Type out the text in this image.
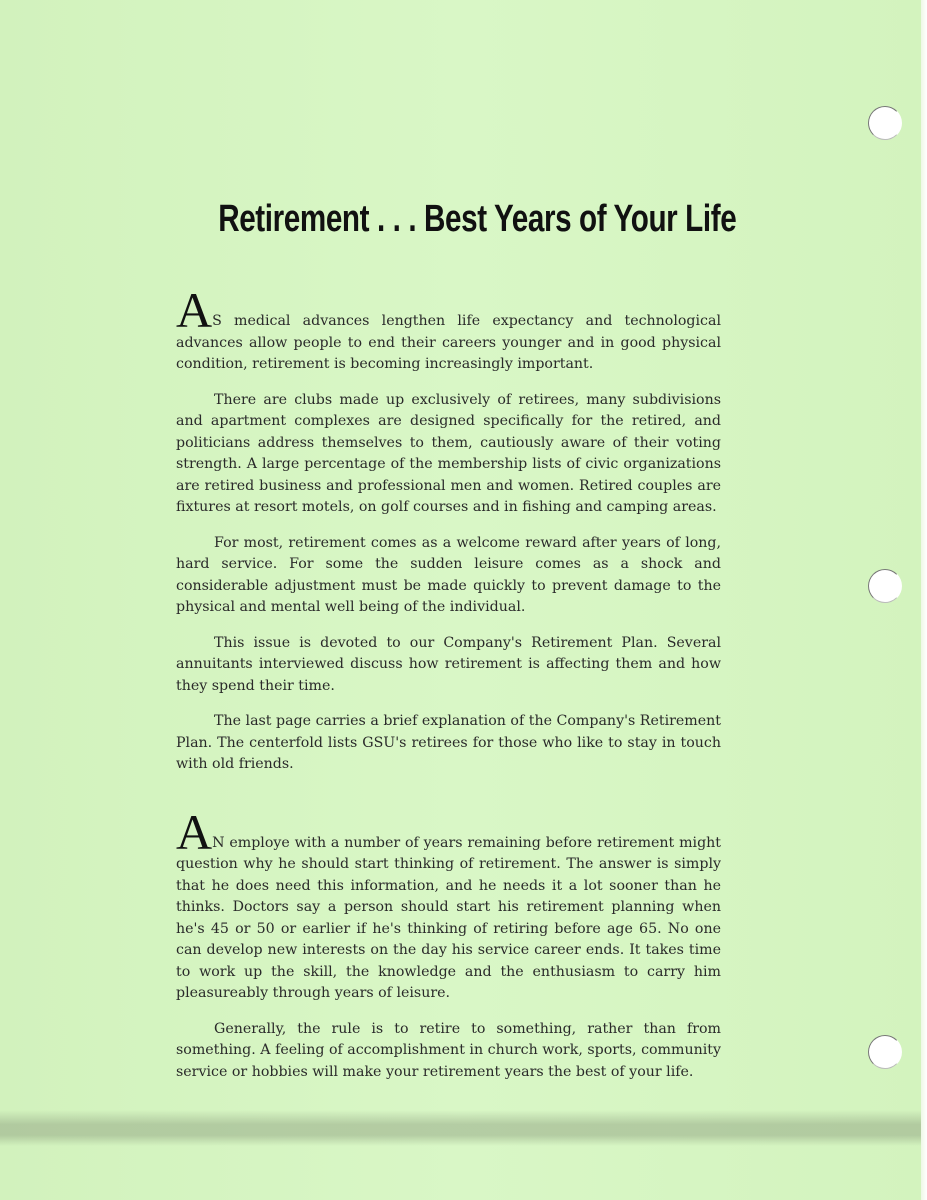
Retirement . . . Best Years of Your Life

AS medical advances lengthen life expectancy and technological advances allow people to end their careers younger and in good physical condition, retirement is becoming increasingly important.

There are clubs made up exclusively of retirees, many subdivisions and apartment complexes are designed specifically for the retired, and politicians address themselves to them, cautiously aware of their voting strength. A large percentage of the membership lists of civic organizations are retired business and professional men and women. Retired couples are fixtures at resort motels, on golf courses and in fishing and camping areas.

For most, retirement comes as a welcome reward after years of long, hard service. For some the sudden leisure comes as a shock and considerable adjustment must be made quickly to prevent damage to the physical and mental well being of the individual.

This issue is devoted to our Company's Retirement Plan. Several annuitants interviewed discuss how retirement is affecting them and how they spend their time.

The last page carries a brief explanation of the Company's Retirement Plan. The centerfold lists GSU's retirees for those who like to stay in touch with old friends.

AN employe with a number of years remaining before retirement might question why he should start thinking of retirement. The answer is simply that he does need this information, and he needs it a lot sooner than he thinks. Doctors say a person should start his retirement planning when he's 45 or 50 or earlier if he's thinking of retiring before age 65. No one can develop new interests on the day his service career ends. It takes time to work up the skill, the knowledge and the enthusiasm to carry him pleasureably through years of leisure.

Generally, the rule is to retire to something, rather than from something. A feeling of accomplishment in church work, sports, community service or hobbies will make your retirement years the best of your life.
